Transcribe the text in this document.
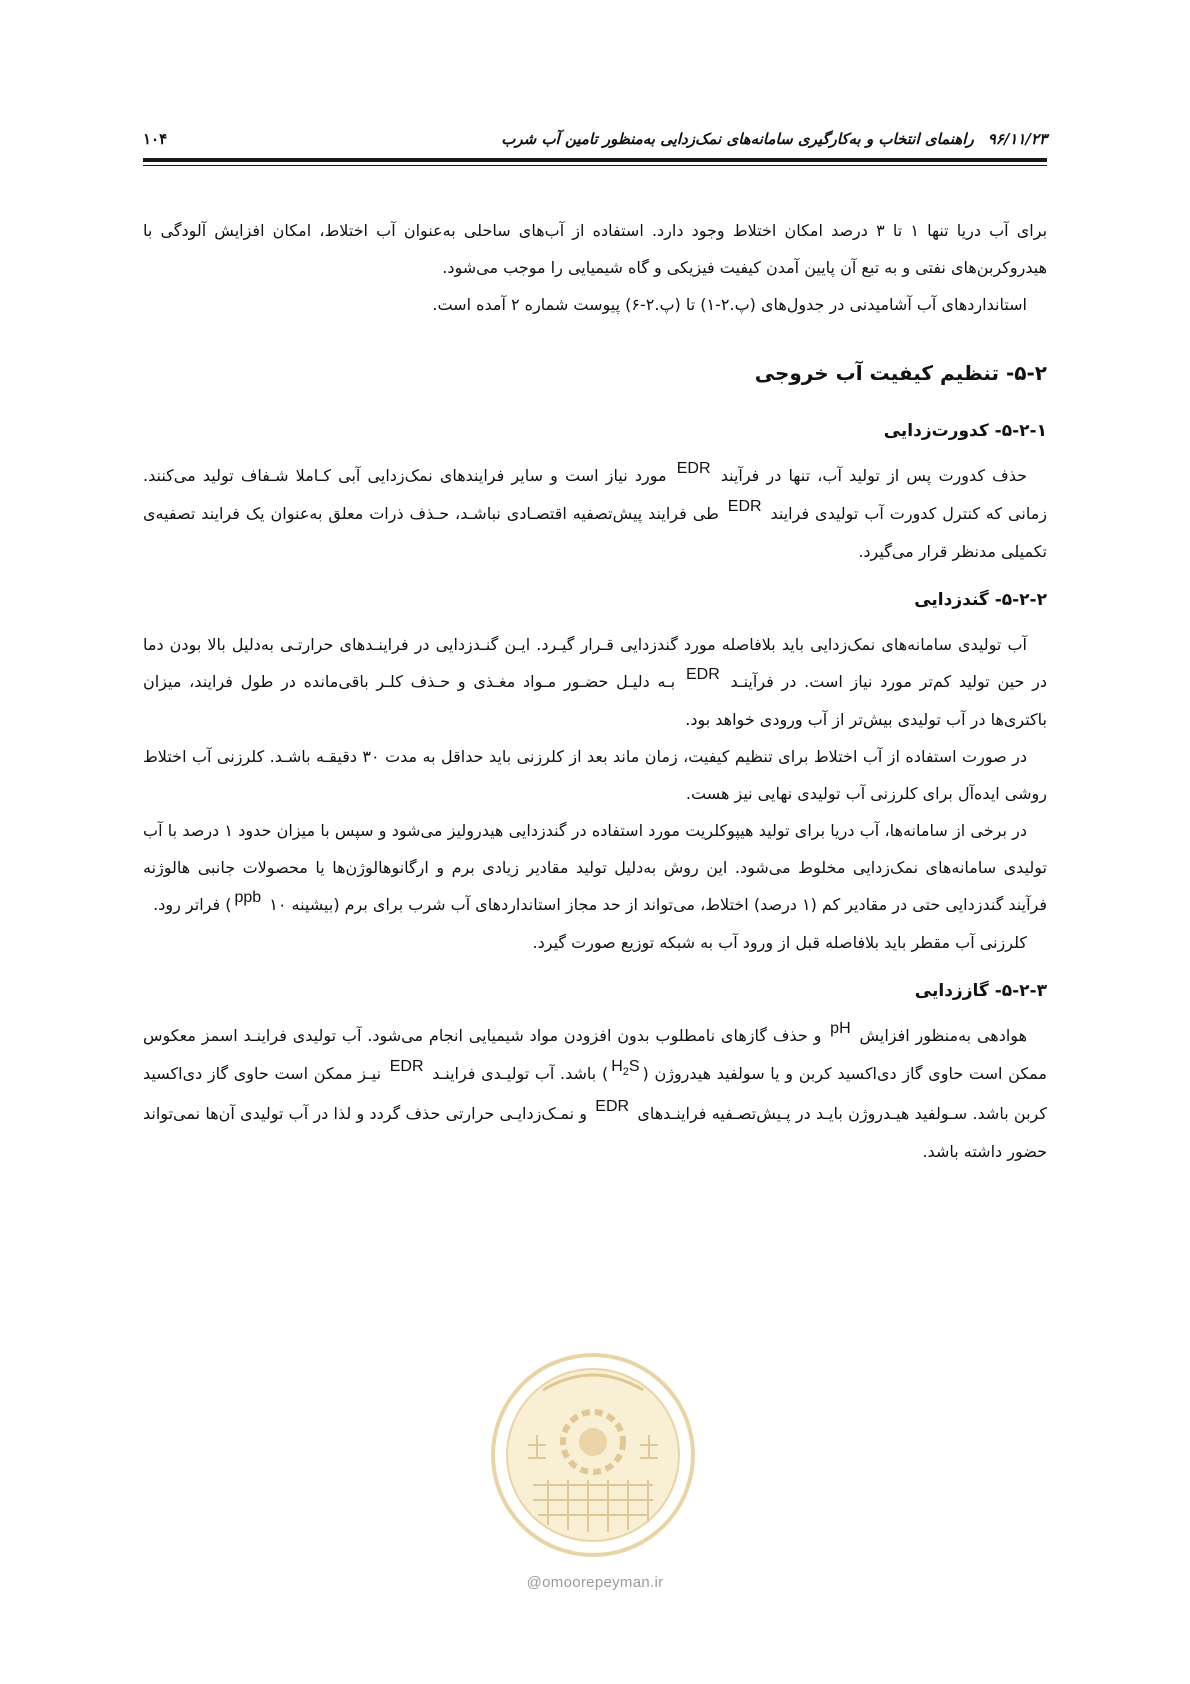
۹۶/۱۱/۲۳راهنمای انتخاب و به‌کارگیری سامانه‌های نمک‌زدایی به‌منظور تامین آب شرب
۱۰۴

برای آب دریا تنها ۱ تا ۳ درصد امکان اختلاط وجود دارد. استفاده از آب‌های ساحلی به‌عنوان آب اختلاط، امکان افزایش آلودگی با هیدروکربن‌های نفتی و به تبع آن پایین آمدن کیفیت فیزیکی و گاه شیمیایی را موجب می‌شود.

استانداردهای آب آشامیدنی در جدول‌های (پ.۲-۱) تا (پ.۲-۶) پیوست شماره ۲ آمده است.

۵-۲- تنظیم کیفیت آب خروجی

۵-۲-۱- کدورت‌زدایی

حذف کدورت پس از تولید آب، تنها در فرآیند EDR مورد نیاز است و سایر فرایندهای نمک‌زدایی آبی کـاملا شـفاف تولید می‌کنند. زمانی که کنترل کدورت آب تولیدی فرایند EDR طی فرایند پیش‌تصفیه اقتصـادی نباشـد، حـذف ذرات معلق به‌عنوان یک فرایند تصفیه‌ی تکمیلی مدنظر قرار می‌گیرد.

۵-۲-۲- گندزدایی

آب تولیدی سامانه‌های نمک‌زدایی باید بلافاصله مورد گندزدایی قـرار گیـرد. ایـن گنـدزدایی در فراینـدهای حرارتـی به‌دلیل بالا بودن دما در حین تولید کم‌تر مورد نیاز است. در فرآینـد EDR بـه دلیـل حضـور مـواد مغـذی و حـذف کلـر باقی‌مانده در طول فرایند، میزان باکتری‌ها در آب تولیدی بیش‌تر از آب ورودی خواهد بود.

در صورت استفاده از آب اختلاط برای تنظیم کیفیت، زمان ماند بعد از کلرزنی باید حداقل به مدت ۳۰ دقیقـه باشـد. کلرزنی آب اختلاط روشی ایده‌آل برای کلرزنی آب تولیدی نهایی نیز هست.

در برخی از سامانه‌ها، آب دریا برای تولید هیپوکلریت مورد استفاده در گندزدایی هیدرولیز می‌شود و سپس با میزان حدود ۱ درصد با آب تولیدی سامانه‌های نمک‌زدایی مخلوط می‌شود. این روش به‌دلیل تولید مقادیر زیادی برم و ارگانوهالوژن‌ها یا محصولات جانبی هالوژنه فرآیند گندزدایی حتی در مقادیر کم (۱ درصد) اختلاط، می‌تواند از حد مجاز استانداردهای آب شرب برای برم (بیشینه ۱۰ ppb) فراتر رود.

کلرزنی آب مقطر باید بلافاصله قبل از ورود آب به شبکه توزیع صورت گیرد.

۵-۲-۳- گاززدایی

هوادهی به‌منظور افزایش pH و حذف گازهای نامطلوب بدون افزودن مواد شیمیایی انجام می‌شود. آب تولیدی فراینـد اسمز معکوس ممکن است حاوی گاز دی‌اکسید کربن و یا سولفید هیدروژن $(H_2S)$ باشد. آب تولیـدی فراینـد EDR نیـز ممکن است حاوی گاز دی‌اکسید کربن باشد. سـولفید هیـدروژن بایـد در پـیش‌تصـفیه فراینـدهای EDR و نمـک‌زدایـی حرارتی حذف گردد و لذا در آب تولیدی آن‌ها نمی‌تواند حضور داشته باشد.

@omoorepeyman.ir
